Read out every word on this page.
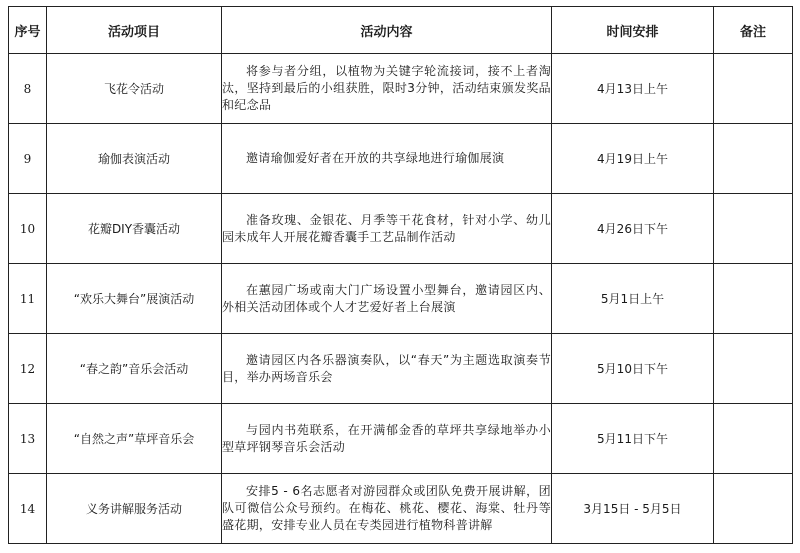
序号	活动项目	活动内容	时间安排	备注
8	飞花令活动	将参与者分组，以植物为关键字轮流接词，接不上者淘汰，坚持到最后的小组获胜，限时3分钟，活动结束颁发奖品和纪念品	4月13日上午	
9	瑜伽表演活动	邀请瑜伽爱好者在开放的共享绿地进行瑜伽展演	4月19日上午	
10	花瓣DIY香囊活动	准备玫瑰、金银花、月季等干花食材，针对小学、幼儿园未成年人开展花瓣香囊手工艺品制作活动	4月26日下午	
11	“欢乐大舞台”展演活动	在蕙园广场或南大门广场设置小型舞台，邀请园区内、外相关活动团体或个人才艺爱好者上台展演	5月1日上午	
12	“春之韵”音乐会活动	邀请园区内各乐器演奏队，以“春天”为主题选取演奏节目，举办两场音乐会	5月10日下午	
13	“自然之声”草坪音乐会	与园内书苑联系，在开满郁金香的草坪共享绿地举办小型草坪钢琴音乐会活动	5月11日下午	
14	义务讲解服务活动	安排5 - 6名志愿者对游园群众或团队免费开展讲解，团队可微信公众号预约。在梅花、桃花、樱花、海棠、牡丹等盛花期，安排专业人员在专类园进行植物科普讲解	3月15日 - 5月5日	
